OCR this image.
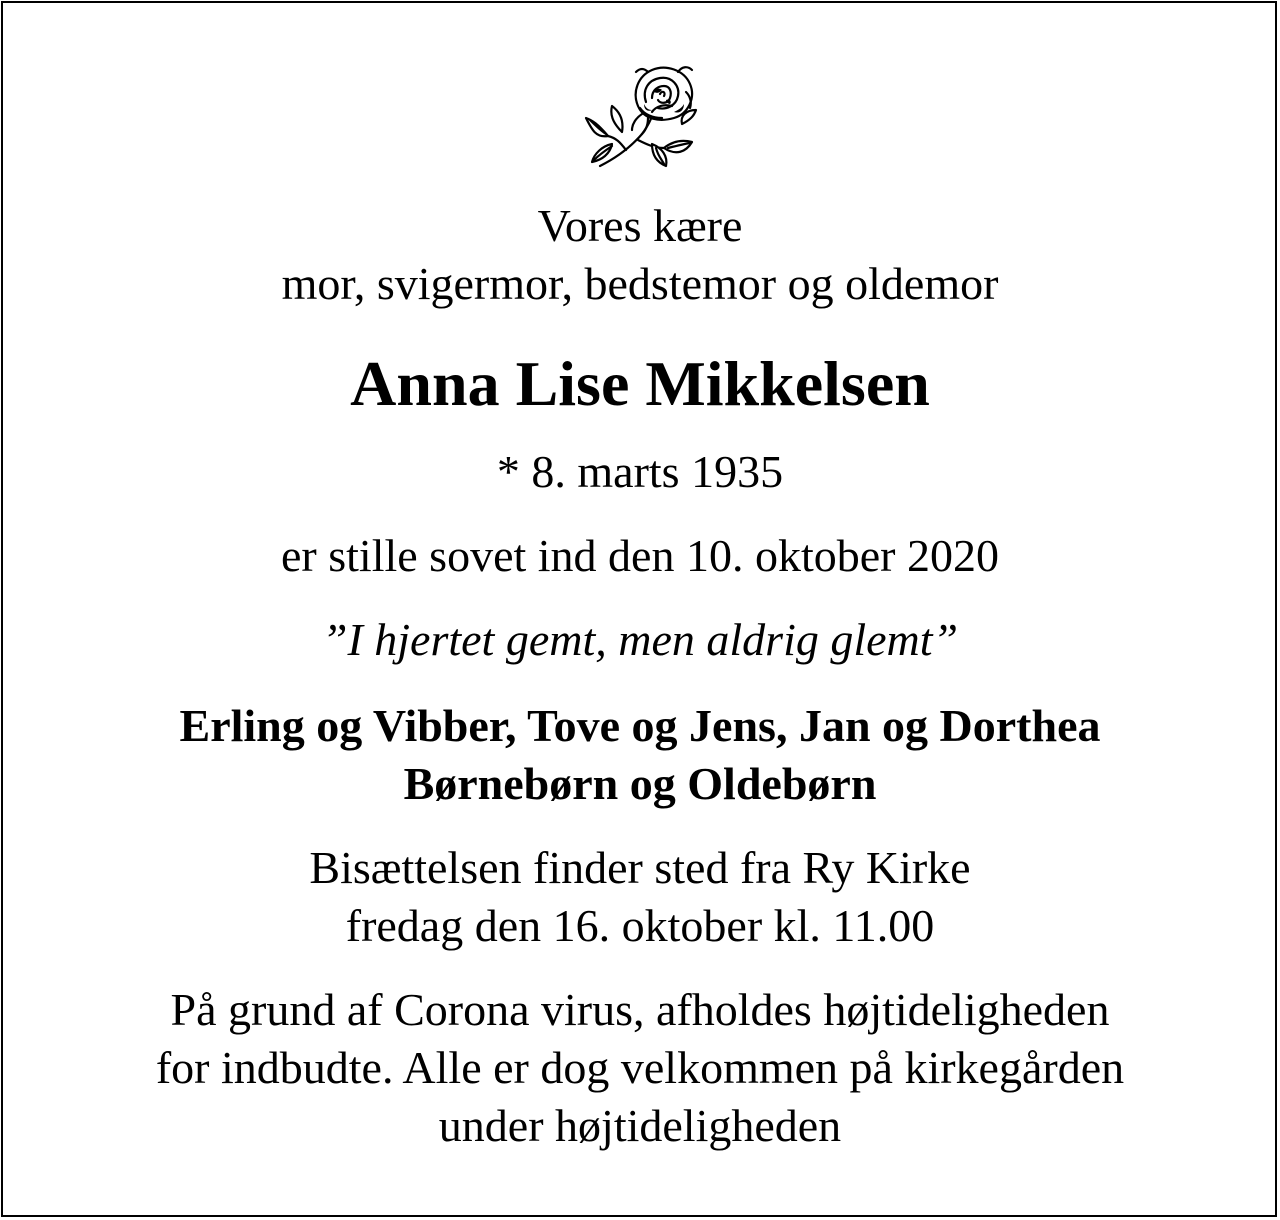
Vores kære
mor, svigermor, bedstemor og oldemor
Anna Lise Mikkelsen
* 8. marts 1935
er stille sovet ind den 10. oktober 2020
”I hjertet gemt, men aldrig glemt”
Erling og Vibber, Tove og Jens, Jan og Dorthea
Børnebørn og Oldebørn
Bisættelsen finder sted fra Ry Kirke
fredag den 16. oktober kl. 11.00
På grund af Corona virus, afholdes højtideligheden
for indbudte. Alle er dog velkommen på kirkegården
under højtideligheden
